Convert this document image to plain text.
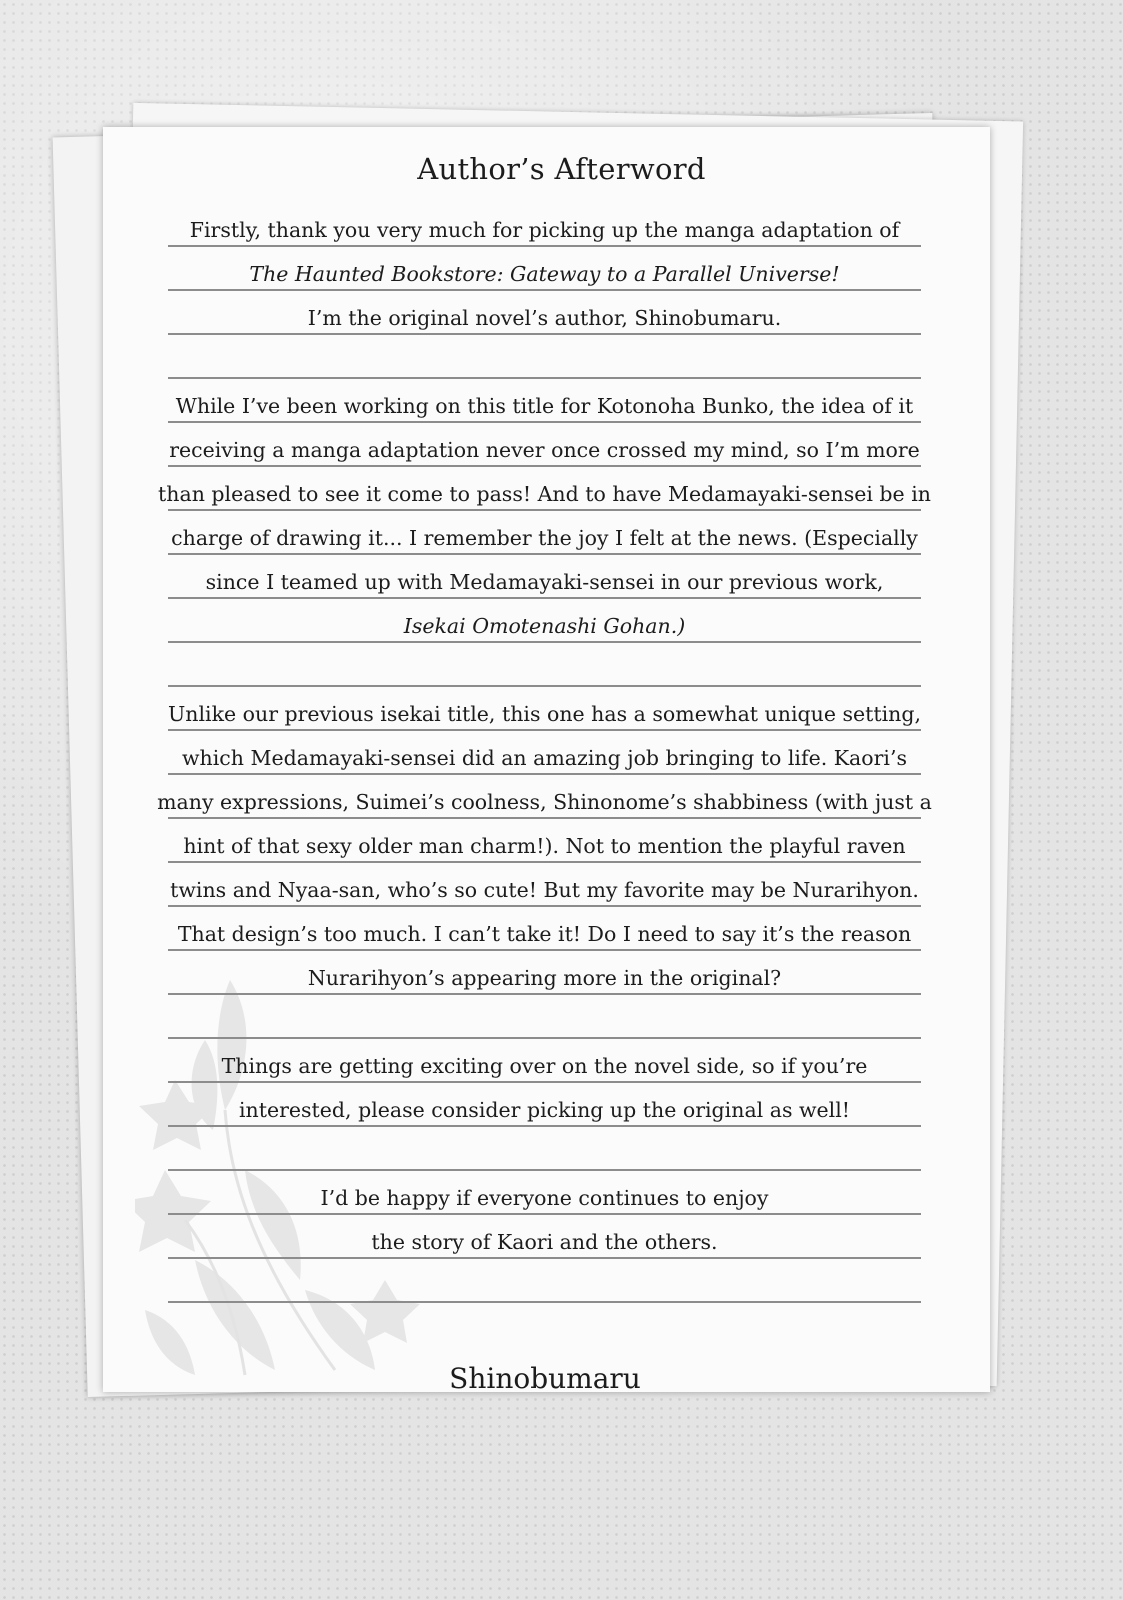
Author’s Afterword
Firstly, thank you very much for picking up the manga adaptation of
The Haunted Bookstore: Gateway to a Parallel Universe!
I’m the original novel’s author, Shinobumaru.
While I’ve been working on this title for Kotonoha Bunko, the idea of it
receiving a manga adaptation never once crossed my mind, so I’m more
than pleased to see it come to pass! And to have Medamayaki-sensei be in
charge of drawing it... I remember the joy I felt at the news. (Especially
since I teamed up with Medamayaki-sensei in our previous work,
Isekai Omotenashi Gohan.)
Unlike our previous isekai title, this one has a somewhat unique setting,
which Medamayaki-sensei did an amazing job bringing to life. Kaori’s
many expressions, Suimei’s coolness, Shinonome’s shabbiness (with just a
hint of that sexy older man charm!). Not to mention the playful raven
twins and Nyaa-san, who’s so cute! But my favorite may be Nurarihyon.
That design’s too much. I can’t take it! Do I need to say it’s the reason
Nurarihyon’s appearing more in the original?
Things are getting exciting over on the novel side, so if you’re
interested, please consider picking up the original as well!
I’d be happy if everyone continues to enjoy
the story of Kaori and the others.
Shinobumaru
